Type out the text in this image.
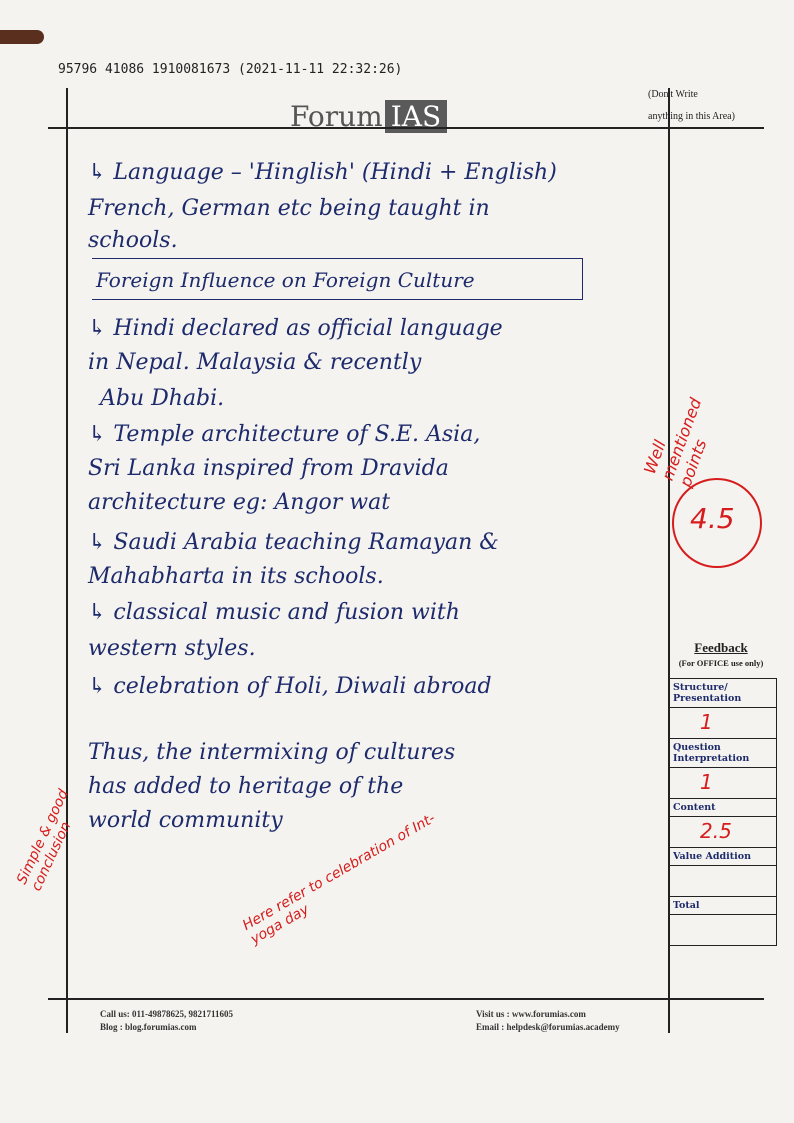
95796 41086 1910081673 (2021-11-11 22:32:26)
Forum IAS
(Don't Write
anything in this Area)
↳ Language – 'Hinglish' (Hindi + English)
French, German etc being taught in
schools.
Foreign Influence on Foreign Culture
↳ Hindi declared as official language
in Nepal. Malaysia & recently
Abu Dhabi.
↳ Temple architecture of S.E. Asia,
Sri Lanka inspired from Dravida
architecture eg: Angor wat
↳ Saudi Arabia teaching Ramayan &
Mahabharta in its schools.
↳ classical music and fusion with
western styles.
↳ celebration of Holi, Diwali abroad
Thus, the intermixing of cultures
has added to heritage of the
world community
Well mentioned points
4.5
Simple & good conclusion	Here refer to celebration of Int-yoga day
Feedback
(For OFFICE use only)
Structure/ Presentation
1
Question Interpretation
1
Content
2.5
Value Addition
Total
Call us: 011-49878625, 9821711605
Blog : blog.forumias.com
Visit us : www.forumias.com
Email : helpdesk@forumias.academy
